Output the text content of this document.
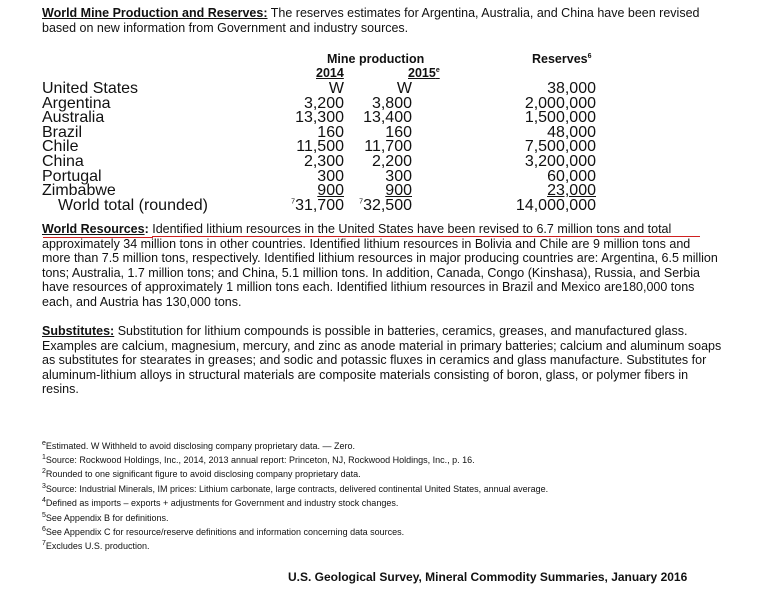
World Mine Production and Reserves: The reserves estimates for Argentina, Australia, and China have been revised based on new information from Government and industry sources.

Mine production	Reserves$^6$
2014	2015e
United States	W	W	38,000
Argentina	3,200 3,800	2,000,000
Australia	13,300 13,400	1,500,000
Brazil	160	160	48,000
Chile	11,500 11,700	7,500,000
China	2,300 2,200	3,200,000
Portugal	300	300	60,000
Zimbabwe	900	900	23,000
World total (rounded)	$^7$31,700 $^7$32,500	14,000,000

World Resources: Identified lithium resources in the United States have been revised to 6.7 million tons and total approximately 34 million tons in other countries. Identified lithium resources in Bolivia and Chile are 9 million tons and more than 7.5 million tons, respectively. Identified lithium resources in major producing countries are: Argentina, 6.5 million tons; Australia, 1.7 million tons; and China, 5.1 million tons. In addition, Canada, Congo (Kinshasa), Russia, and Serbia have resources of approximately 1 million tons each. Identified lithium resources in Brazil and Mexico are180,000 tons each, and Austria has 130,000 tons.

Substitutes: Substitution for lithium compounds is possible in batteries, ceramics, greases, and manufactured glass. Examples are calcium, magnesium, mercury, and zinc as anode material in primary batteries; calcium and aluminum soaps as substitutes for stearates in greases; and sodic and potassic fluxes in ceramics and glass manufacture. Substitutes for aluminum-lithium alloys in structural materials are composite materials consisting of boron, glass, or polymer fibers in resins.

$^e$Estimated. W Withheld to avoid disclosing company proprietary data. — Zero.
$^1$Source: Rockwood Holdings, Inc., 2014, 2013 annual report: Princeton, NJ, Rockwood Holdings, Inc., p. 16.
$^2$Rounded to one significant figure to avoid disclosing company proprietary data.
$^3$Source: Industrial Minerals, IM prices: Lithium carbonate, large contracts, delivered continental United States, annual average.
$^4$Defined as imports – exports + adjustments for Government and industry stock changes.
$^5$See Appendix B for definitions.
$^6$See Appendix C for resource/reserve definitions and information concerning data sources.
$^7$Excludes U.S. production.
U.S. Geological Survey, Mineral Commodity Summaries, January 2016
